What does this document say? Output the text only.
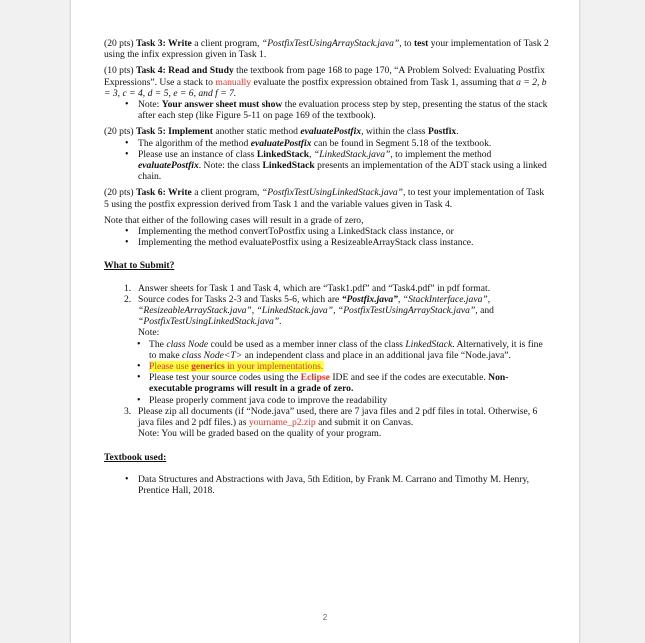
(20 pts) Task 3: Write a client program, “PostfixTestUsingArrayStack.java”, to test your implementation of Task 2 using the infix expression given in Task 1.

(10 pts) Task 4: Read and Study the textbook from page 168 to page 170, “A Problem Solved: Evaluating Postfix Expressions”. Use a stack to manually evaluate the postfix expression obtained from Task 1, assuming that a = 2, b = 3, c = 4, d = 5, e = 6, and f = 7.

• Note: Your answer sheet must show the evaluation process step by step, presenting the status of the stack after each step (like Figure 5-11 on page 169 of the textbook).

(20 pts) Task 5: Implement another static method evaluatePostfix, within the class Postfix.

• The algorithm of the method evaluatePostfix can be found in Segment 5.18 of the textbook.
• Please use an instance of class LinkedStack, “LinkedStack.java”, to implement the method evaluatePostfix. Note: the class LinkedStack presents an implementation of the ADT stack using a linked chain.

(20 pts) Task 6: Write a client program, “PostfixTestUsingLinkedStack.java”, to test your implementation of Task 5 using the postfix expression derived from Task 1 and the variable values given in Task 4.

Note that either of the following cases will result in a grade of zero,

• Implementing the method convertToPostfix using a LinkedStack class instance, or
• Implementing the method evaluatePostfix using a ResizeableArrayStack class instance.

What to Submit?

1. Answer sheets for Task 1 and Task 4, which are “Task1.pdf” and “Task4.pdf” in pdf format.
2. Source codes for Tasks 2-3 and Tasks 5-6, which are “Postfix.java”, “StackInterface.java”, “ResizeableArrayStack.java”, “LinkedStack.java”, “PostfixTestUsingArrayStack.java”, and “PostfixTestUsingLinkedStack.java”.

Note:

• The class Node could be used as a member inner class of the class LinkedStack. Alternatively, it is fine to make class Node<T> an independent class and place in an additional java file “Node.java”.
• Please use generics in your implementations.
• Please test your source codes using the Eclipse IDE and see if the codes are executable. Non-executable programs will result in a grade of zero.
• Please properly comment java code to improve the readability
3. Please zip all documents (if “Node.java” used, there are 7 java files and 2 pdf files in total. Otherwise, 6 java files and 2 pdf files.) as yourname_p2.zip and submit it on Canvas.

Note: You will be graded based on the quality of your program.

Textbook used:

• Data Structures and Abstractions with Java, 5th Edition, by Frank M. Carrano and Timothy M. Henry, Prentice Hall, 2018.
2
